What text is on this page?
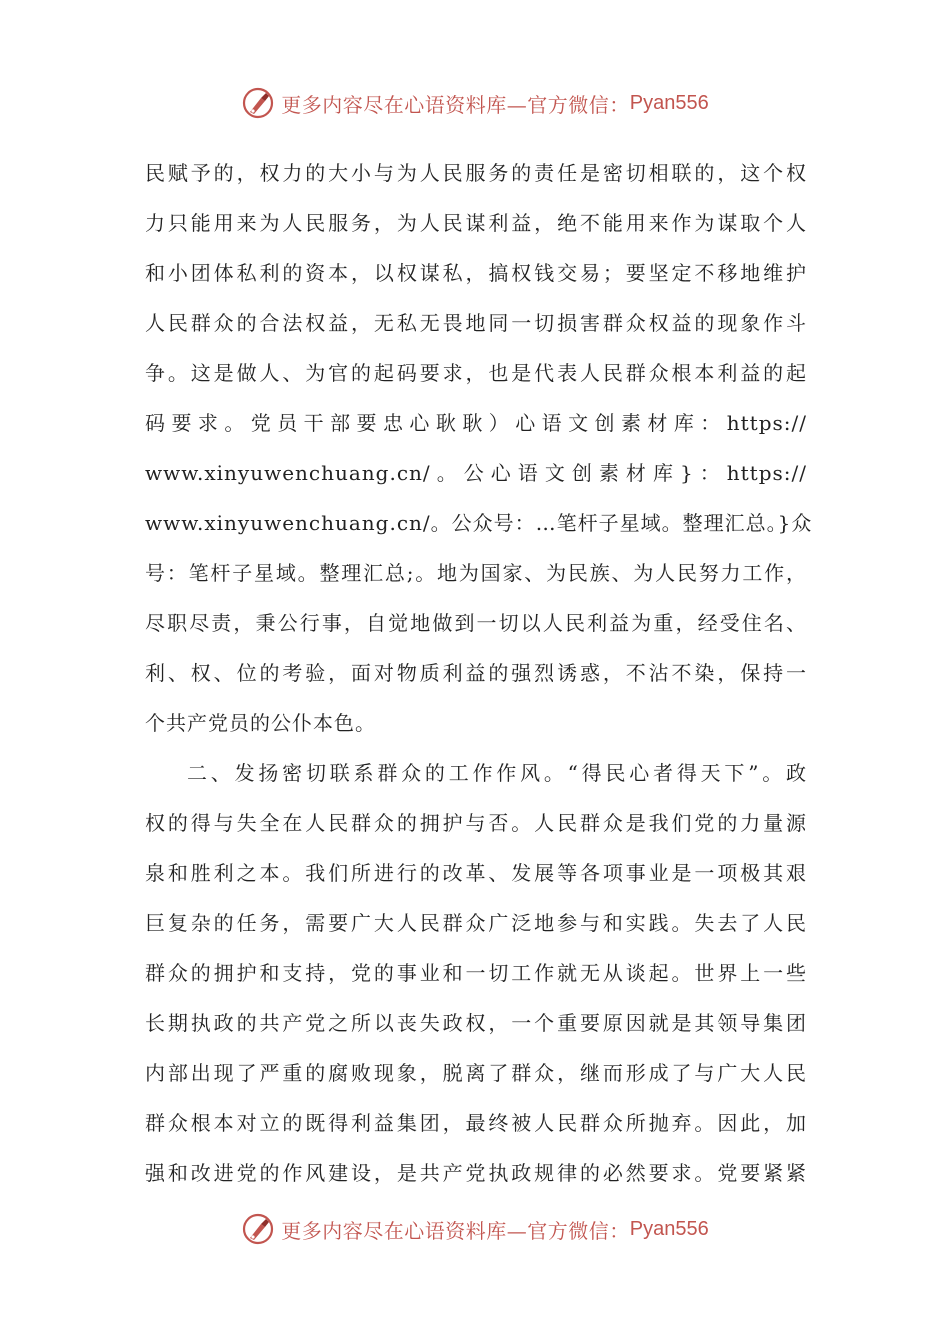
更多内容尽在心语资料库—官方微信： Pyan556
民赋予的，权力的大小与为人民服务的责任是密切相联的，这个权
力只能用来为人民服务，为人民谋利益，绝不能用来作为谋取个人
和小团体私利的资本，以权谋私，搞权钱交易；要坚定不移地维护
人民群众的合法权益，无私无畏地同一切损害群众权益的现象作斗
争。这是做人、为官的起码要求，也是代表人民群众根本利益的起
码要求。党员干部要忠心耿耿）心语文创素材库：https://
www.xinyuwenchuang.cn/。公心语文创素材库}：https://
www.xinyuwenchuang.cn/。公众号：…笔杆子星域。整理汇总。}众
号：笔杆子星域。整理汇总;。地为国家、为民族、为人民努力工作，
尽职尽责，秉公行事，自觉地做到一切以人民利益为重，经受住名、
利、权、位的考验，面对物质利益的强烈诱惑，不沾不染，保持一
个共产党员的公仆本色。
二、发扬密切联系群众的工作作风。“得民心者得天下”。政
权的得与失全在人民群众的拥护与否。人民群众是我们党的力量源
泉和胜利之本。我们所进行的改革、发展等各项事业是一项极其艰
巨复杂的任务，需要广大人民群众广泛地参与和实践。失去了人民
群众的拥护和支持，党的事业和一切工作就无从谈起。世界上一些
长期执政的共产党之所以丧失政权，一个重要原因就是其领导集团
内部出现了严重的腐败现象，脱离了群众，继而形成了与广大人民
群众根本对立的既得利益集团，最终被人民群众所抛弃。因此，加
强和改进党的作风建设，是共产党执政规律的必然要求。党要紧紧
更多内容尽在心语资料库—官方微信： Pyan556
